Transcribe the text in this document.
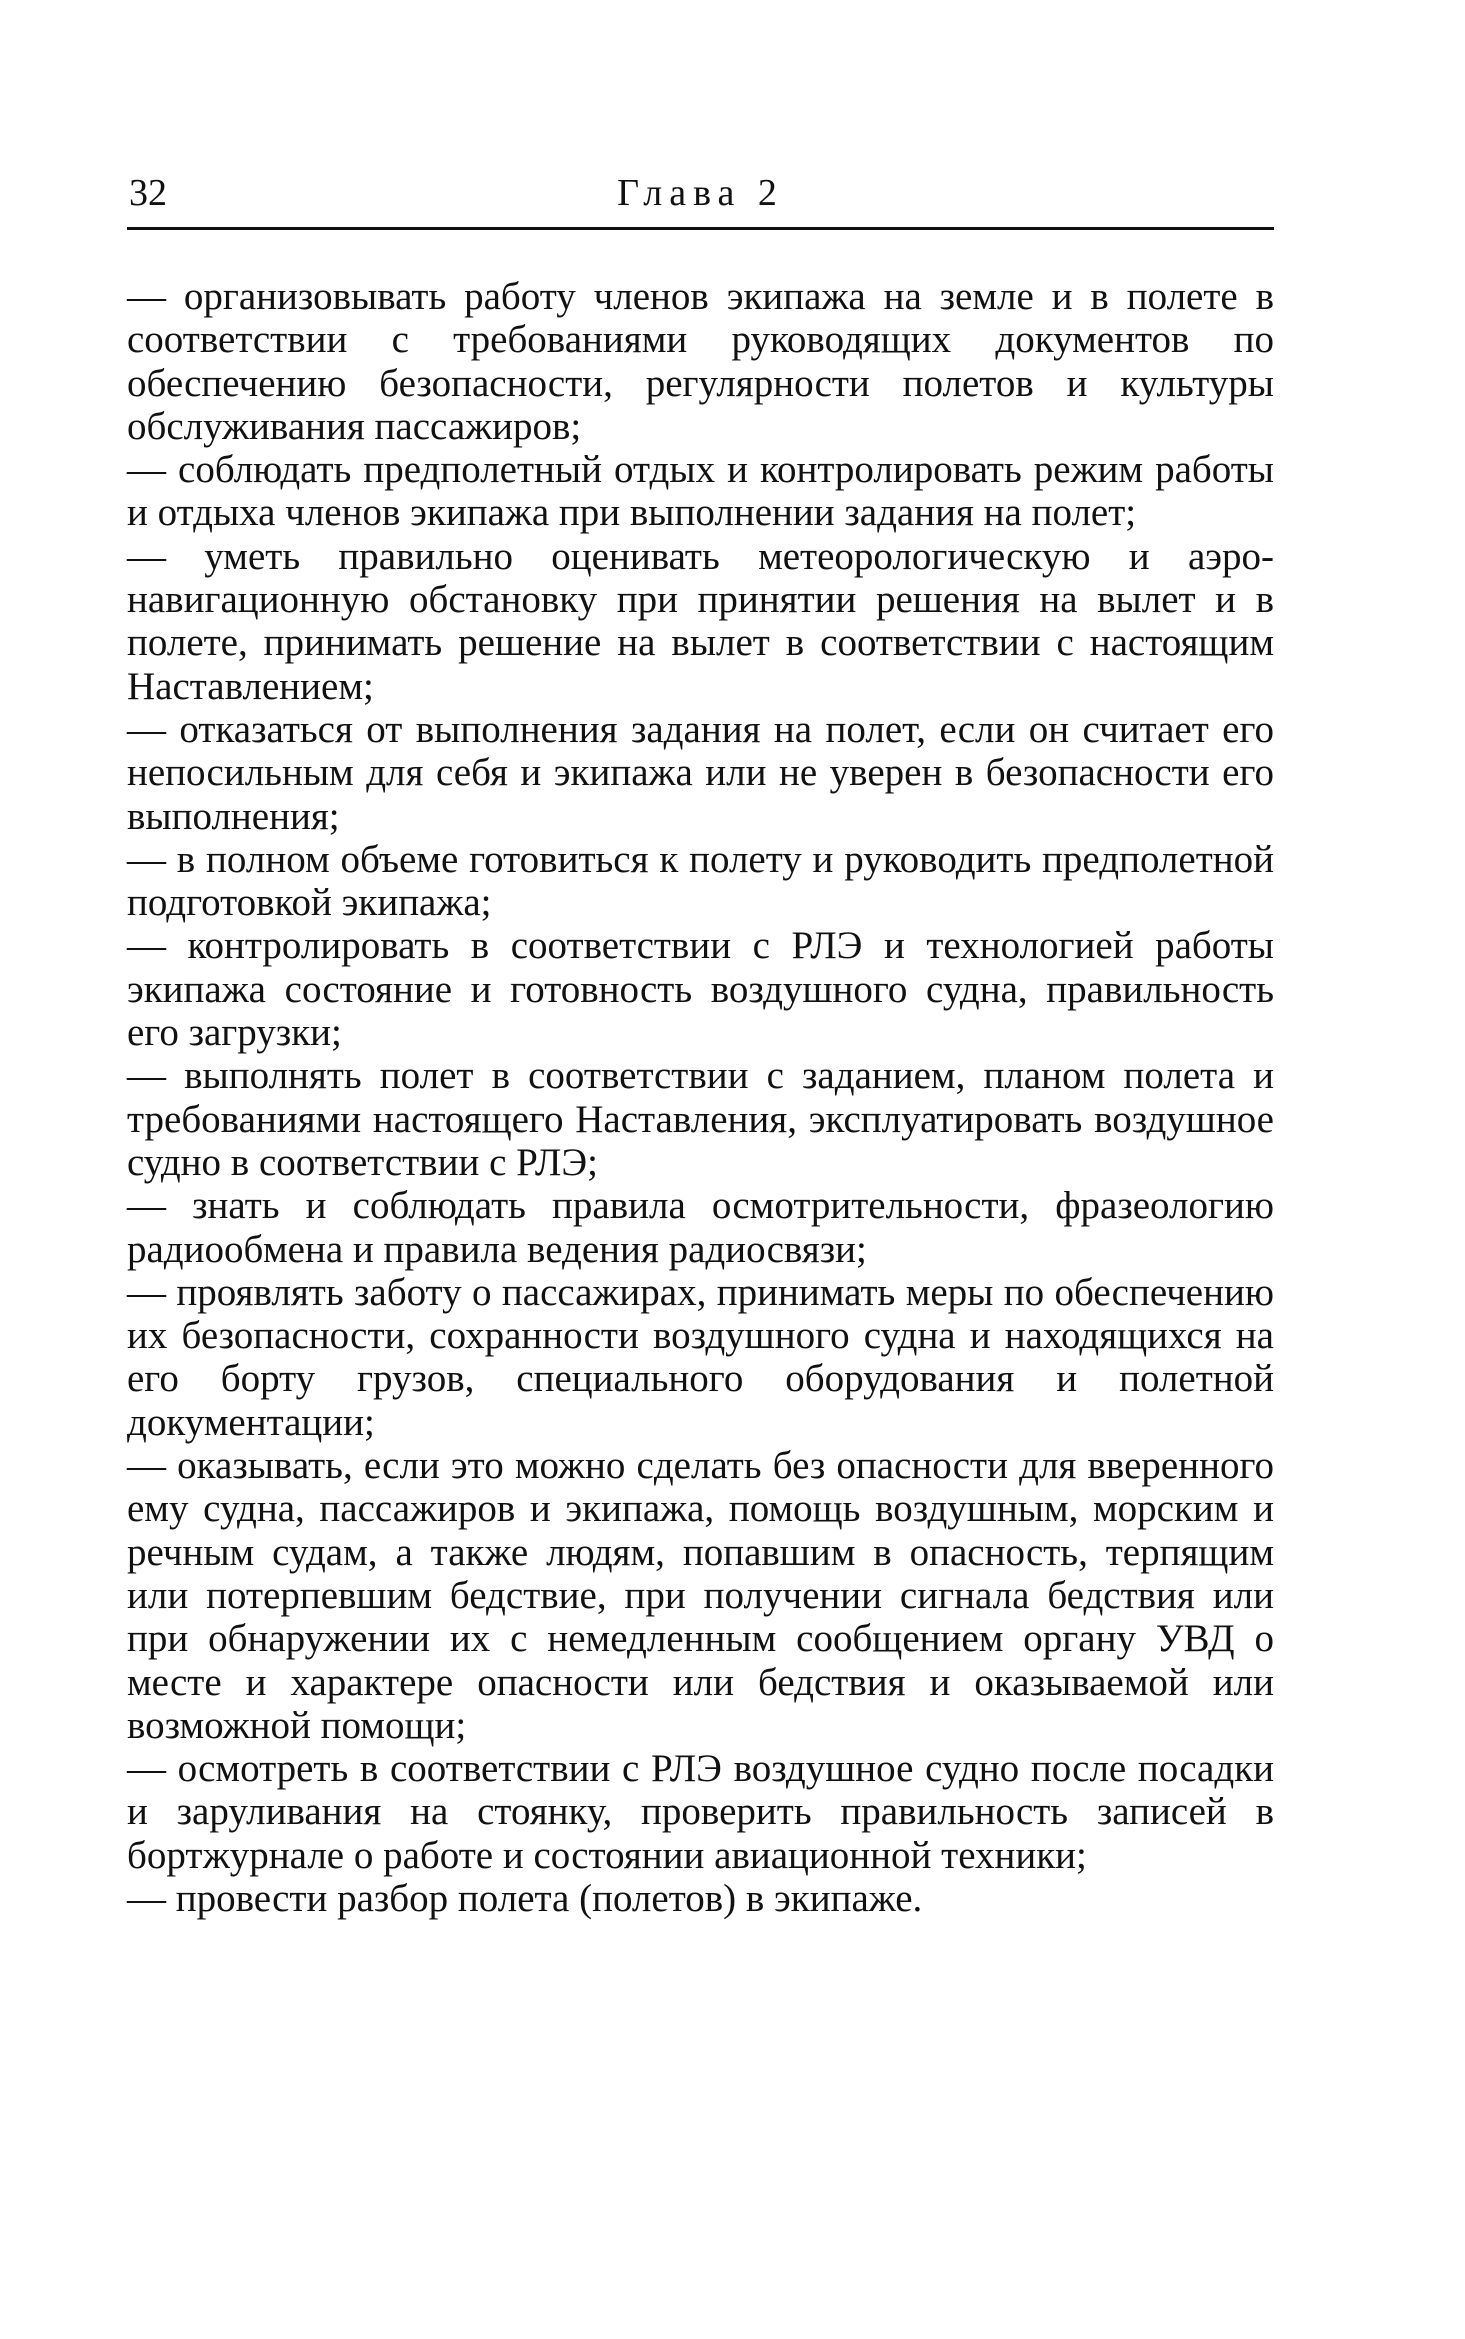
32	Глава 2

— организовывать работу членов экипажа на земле и в полете в соответствии с требованиями руководящих документов по обеспечению безопасности, регулярности полетов и культуры обслуживания пассажиров;

— соблюдать предполетный отдых и контролировать режим работы и отдыха членов экипажа при выполнении задания на полет;

— уметь правильно оценивать метеорологическую и аэронавигационную обстановку при принятии решения на вылет и в полете, принимать решение на вылет в соответствии с настоящим Наставлением;

— отказаться от выполнения задания на полет, если он считает его непосильным для себя и экипажа или не уверен в безопасности его выполнения;

— в полном объеме готовиться к полету и руководить предполетной подготовкой экипажа;

— контролировать в соответствии с РЛЭ и технологией работы экипажа состояние и готовность воздушного судна, правильность его загрузки;

— выполнять полет в соответствии с заданием, планом полета и требованиями настоящего Наставления, эксплуатировать воздушное судно в соответствии с РЛЭ;

— знать и соблюдать правила осмотрительности, фразеологию радиообмена и правила ведения радиосвязи;

— проявлять заботу о пассажирах, принимать меры по обеспечению их безопасности, сохранности воздушного судна и находящихся на его борту грузов, специального оборудования и полетной документации;

— оказывать, если это можно сделать без опасности для вверенного ему судна, пассажиров и экипажа, помощь воздушным, морским и речным судам, а также людям, попавшим в опасность, терпящим или потерпевшим бедствие, при получении сигнала бедствия или при обнаружении их с немедленным сообщением органу УВД о месте и характере опасности или бедствия и оказываемой или возможной помощи;

— осмотреть в соответствии с РЛЭ воздушное судно после посадки и заруливания на стоянку, проверить правильность записей в бортжурнале о работе и состоянии авиационной техники;

— провести разбор полета (полетов) в экипаже.
